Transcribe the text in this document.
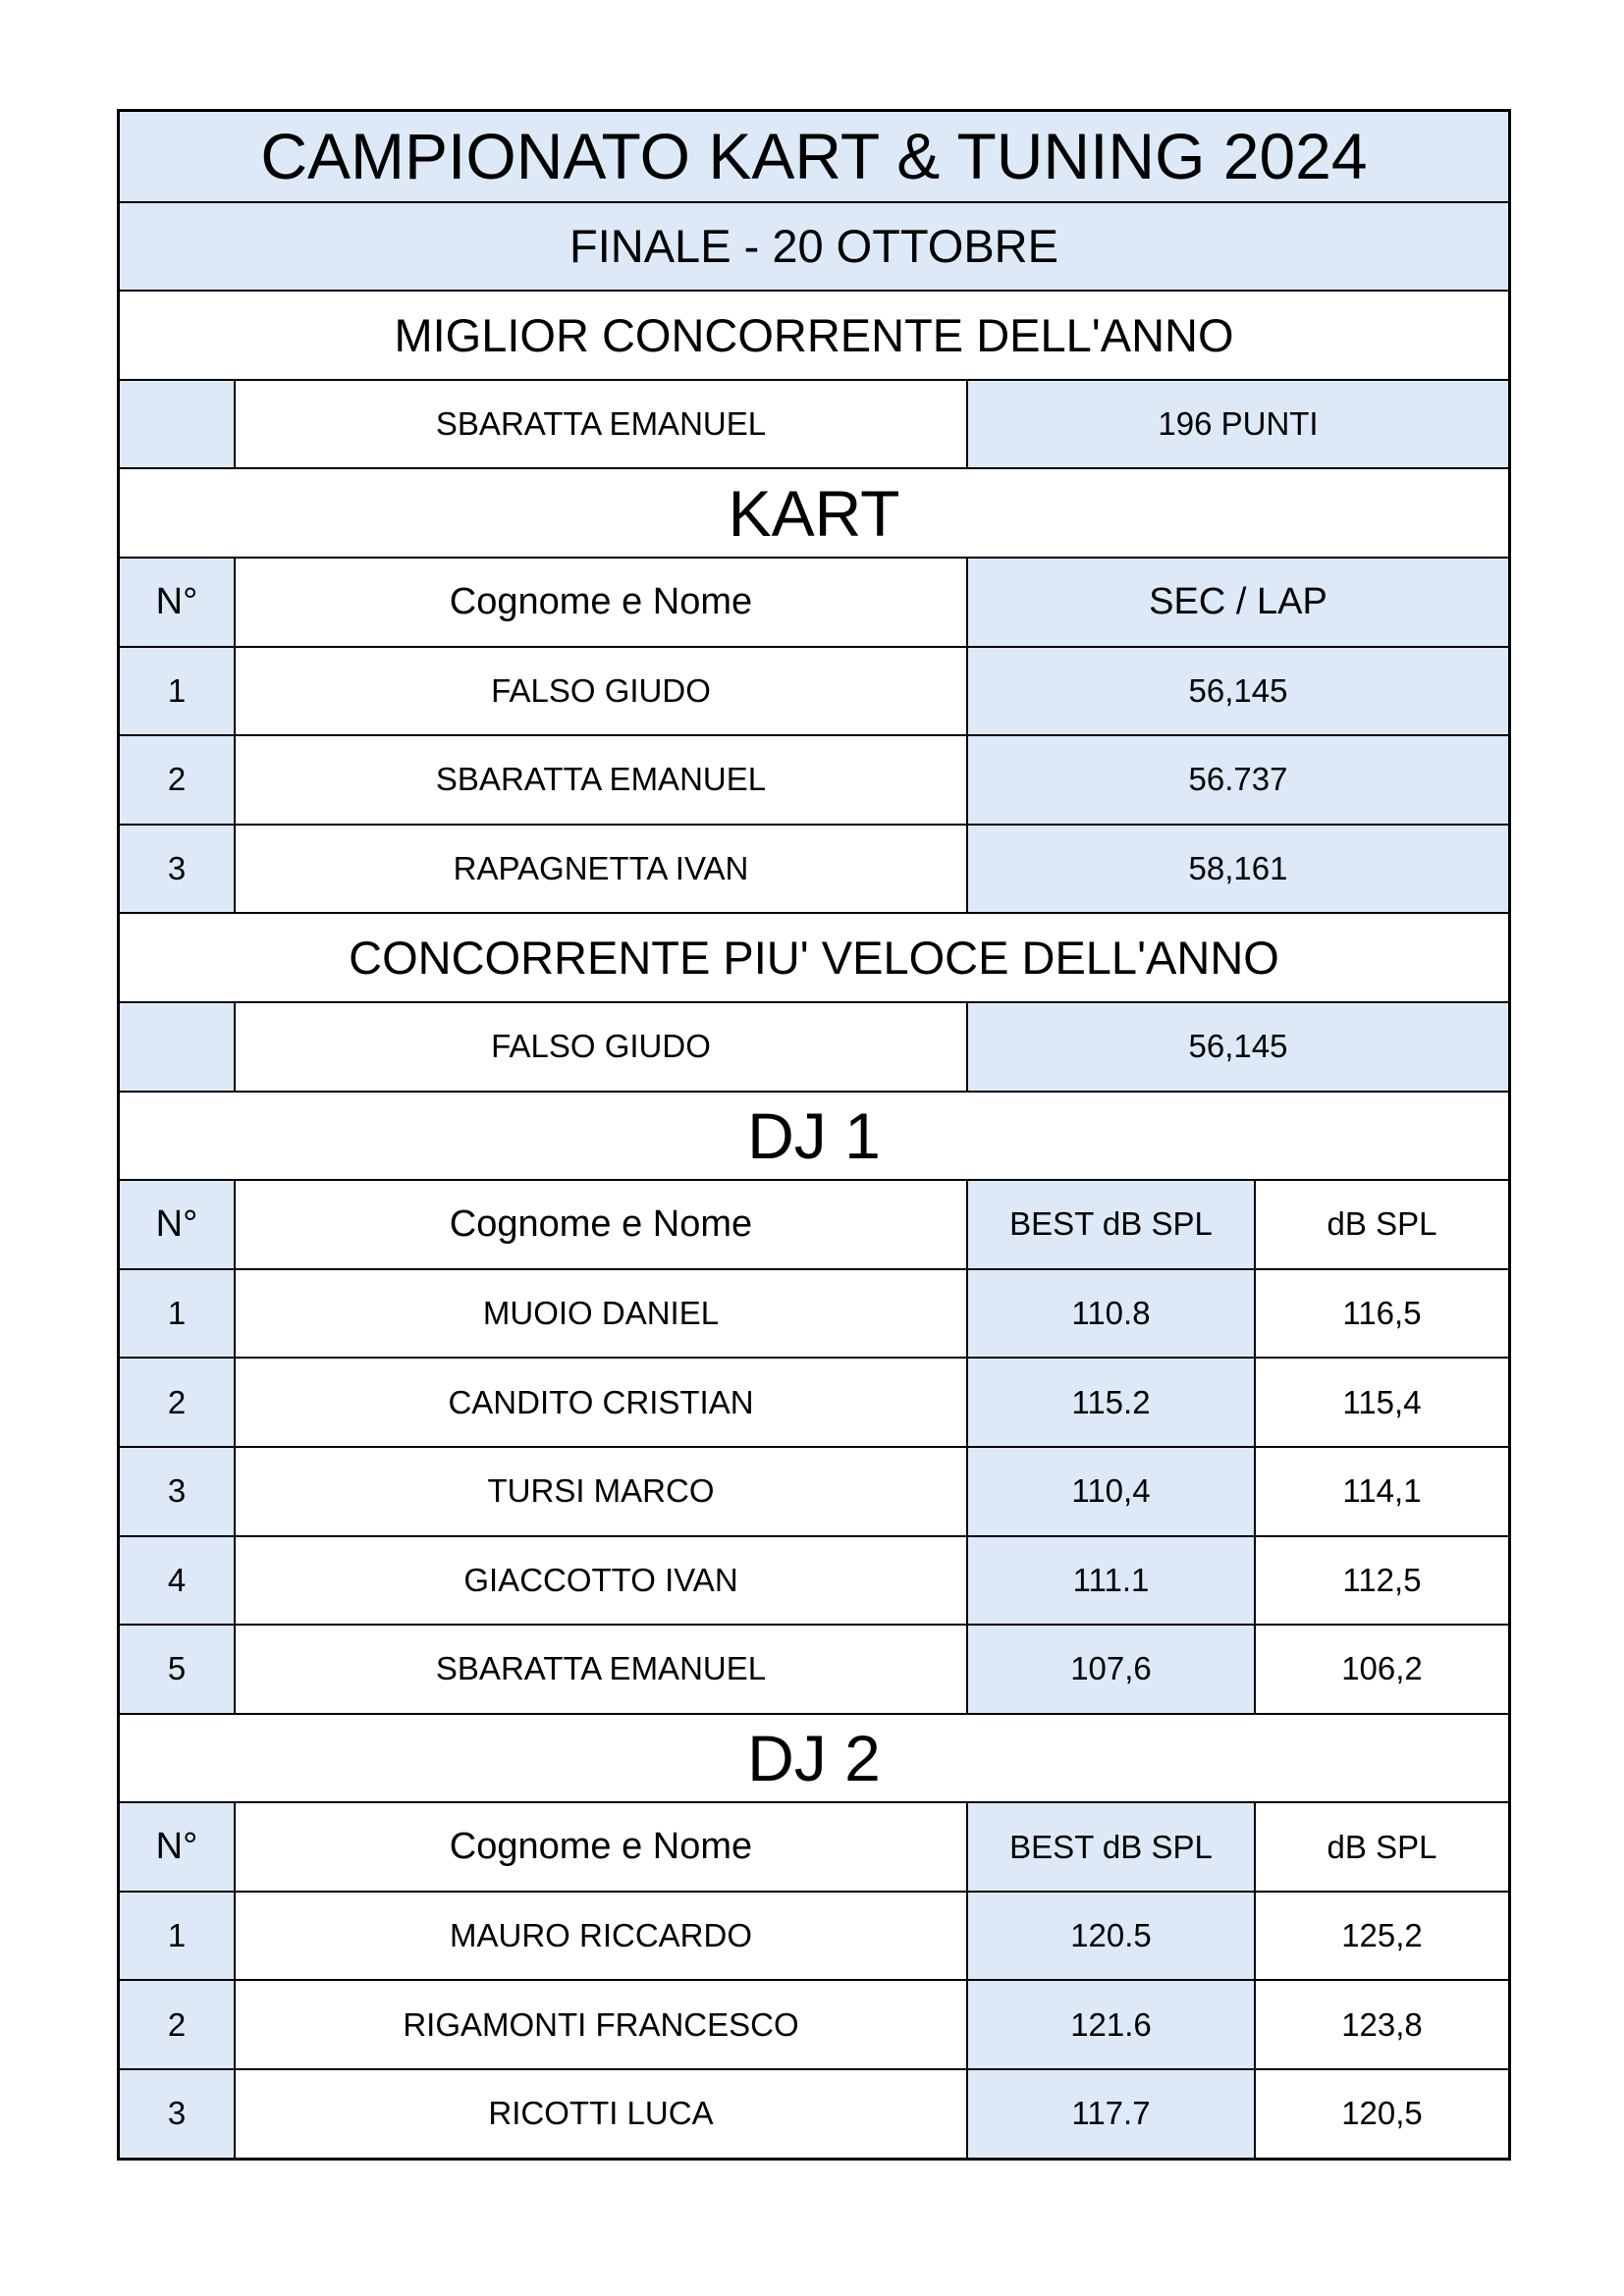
CAMPIONATO KART & TUNING 2024
FINALE - 20 OTTOBRE
MIGLIOR CONCORRENTE DELL'ANNO
SBARATTA EMANUEL	196 PUNTI
KART
N°	Cognome e Nome	SEC / LAP
1	FALSO GIUDO	56,145
2	SBARATTA EMANUEL	56.737
3	RAPAGNETTA IVAN	58,161
CONCORRENTE PIU' VELOCE DELL'ANNO
FALSO GIUDO	56,145
DJ 1
N°	Cognome e Nome	BEST dB SPL	dB SPL
1	MUOIO DANIEL	110.8	116,5
2	CANDITO CRISTIAN	115.2	115,4
3	TURSI MARCO	110,4	114,1
4	GIACCOTTO IVAN	111.1	112,5
5	SBARATTA EMANUEL	107,6	106,2
DJ 2
N°	Cognome e Nome	BEST dB SPL	dB SPL
1	MAURO RICCARDO	120.5	125,2
2	RIGAMONTI FRANCESCO	121.6	123,8
3	RICOTTI LUCA	117.7	120,5
